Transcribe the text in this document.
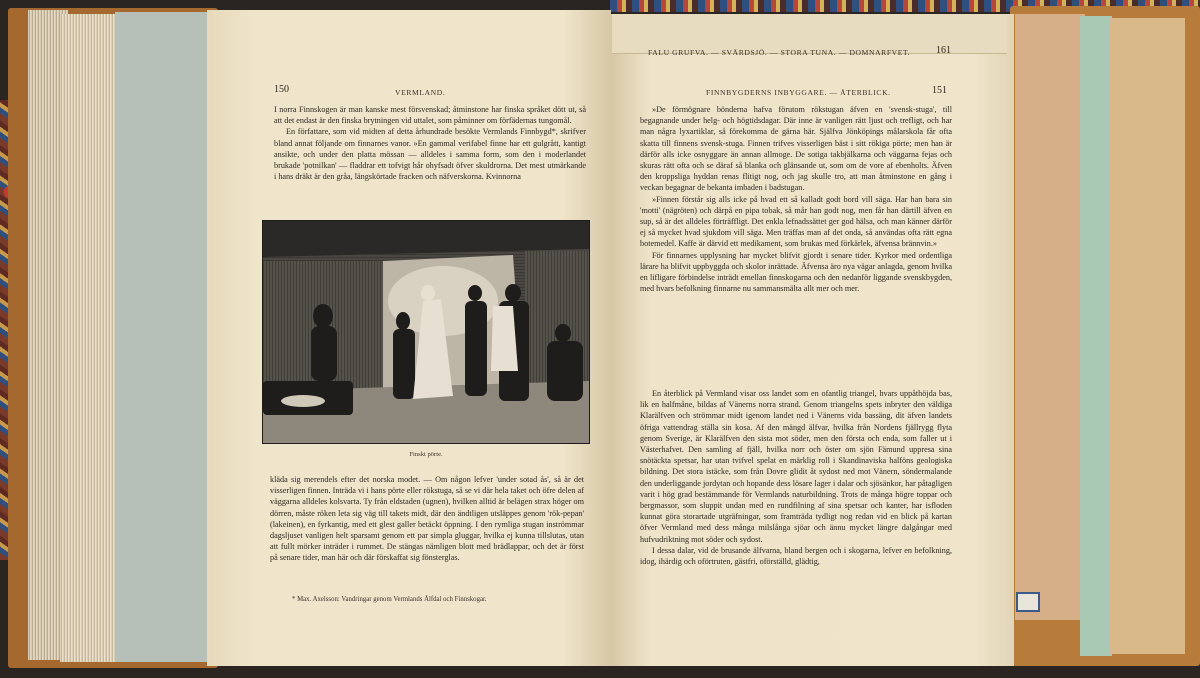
150	VERMLAND.

I norra Finnskogen är man kanske mest försvenskad; åtminstone har finska språket dött ut, så att det endast är den finska brytningen vid uttalet, som påminner om förfädernas tungomål.

En författare, som vid midten af detta århundrade besökte Vermlands Finnbygd*, skrifver bland annat följande om finnarnes vanor. »En gammal verifabel finne har ett gulgrått, kantigt ansikte, och under den platta mössan — alldeles i samma form, som den i moderlandet brukade 'potnilkan' — fladdrar ett tofvigt hår ohyfsadt öfver skuldrorna. Det mest utmärkande i hans dräkt är den gråa, längskörtade fracken och näfverskorna. Kvinnorna

Finskt pörte.

kläda sig merendels efter det norska modet. — Om någon lefver 'under sotad ås', så är det visserligen finnen. Inträda vi i hans pörte eller rökstuga, så se vi där hela taket och öfre delen af väggarna alldeles kolsvarta. Ty från eldstaden (ugnen), hvilken alltid är belägen strax höger om dörren, måste röken leta sig väg till takets midt, där den ändtligen utsläppes genom 'rök-pepan' (lakeinen), en fyrkantig, med ett glest galler betäckt öppning. I den rymliga stugan inströmmar dagsljuset vanligen helt sparsamt genom ett par simpla gluggar, hvilka ej kunna tillslutas, utan att fullt mörker inträder i rummet. De stängas nämligen blott med brädlappar, och det är först på senare tider, man här och där förskaffat sig fönsterglas.

* Max. Axelsson: Vandringar genom Vermlands Ålfdal och Finnskogar.
FALU GRUFVA. — SVÄRDSJÖ. — STORA TUNA. — DOMNARFVET.	161
FINNBYGDERNS INBYGGARE. — ÅTERBLICK.	151

»De förmögnare bönderna hafva förutom rökstugan äfven en 'svensk-stuga', till begagnande under helg- och högtidsdagar. Där inne är vanligen rätt ljust och trefligt, och har man några lyxartiklar, så förekomma de gärna här. Själfva Jönköpings målarskola får ofta skatta till finnens svensk-stuga. Finnen trifves visserligen bäst i sitt rökiga pörte; men han är därför alls icke osnyggare än annan allmoge. De sotiga takbjälkarna och väggarna fejas och skuras rätt ofta och se däraf så blanka och glänsande ut, som om de vore af ebenholts. Äfven den kroppsliga hyddan renas flitigt nog, och jag skulle tro, att man åtminstone en gång i veckan begagnar de bekanta imbaden i badstugan.

»Finnen förstår sig alls icke på hvad ett så kalladt godt bord vill säga. Har han bara sin 'motti' (nägröten) och därpå en pipa tobak, så mår han godt nog, men får han därtill äfven en sup, så är det alldeles förträffligt. Det enkla lefnadssättet ger god hälsa, och man känner därför ej så mycket hvad sjukdom vill säga. Men träffas man af det onda, så användas ofta rätt egna botemedel. Kaffe är därvid ett medikament, som brukas med förkärlek, äfvensa brännvin.»

För finnarnes upplysning har mycket blifvit gjordt i senare tider. Kyrkor med ordentliga lärare ha blifvit uppbyggda och skolor inrättade. Äfvensa äro nya vägar anlagda, genom hvilka en lifligare förbindelse inträdt emellan finnskogarna och den nedanför liggande svenskbygden, med hvars befolkning finnarne nu sammansmälta allt mer och mer.

En återblick på Vermland visar oss landet som en ofantlig triangel, hvars uppåthöjda bas, lik en halfmåne, bildas af Vänerns norra strand. Genom triangelns spets inbryter den väldiga Klarälfven och strömmar midt igenom landet ned i Vänerns vida bassäng, dit äfven landets öfriga vattendrag ställa sin kosa. Af den mängd älfvar, hvilka från Nordens fjällrygg flyta genom Sverige, är Klarälfven den sista mot söder, men den första och enda, som faller ut i Västerhafvet. Den samling af fjäll, hvilka norr och öster om sjön Fämund uppresa sina snötäckta spetsar, har utan tvifvel spelat en märklig roll i Skandinaviska halföns geologiska bildning. Det stora istäcke, som från Dovre glidit åt sydost ned mot Vänern, söndermalande den underliggande jordytan och hopande dess lösare lager i dalar och sjösänkor, har påtagligen varit i hög grad bestämmande för Vermlands naturbildning. Trots de många högre toppar och bergmassor, som sluppit undan med en rundfilning af sina spetsar och kanter, har isfloden kunnat göra storartade utgräfningar, som framträda tydligt nog redan vid en blick på kartan öfver Vermland med dess många milslånga sjöar och ännu mycket längre dalgångar med hufvudriktning mot söder och sydost.

I dessa dalar, vid de brusande älfvarna, bland bergen och i skogarna, lefver en befolkning, idog, ihärdig och oförtruten, gästfri, oförställd, glädtig,
